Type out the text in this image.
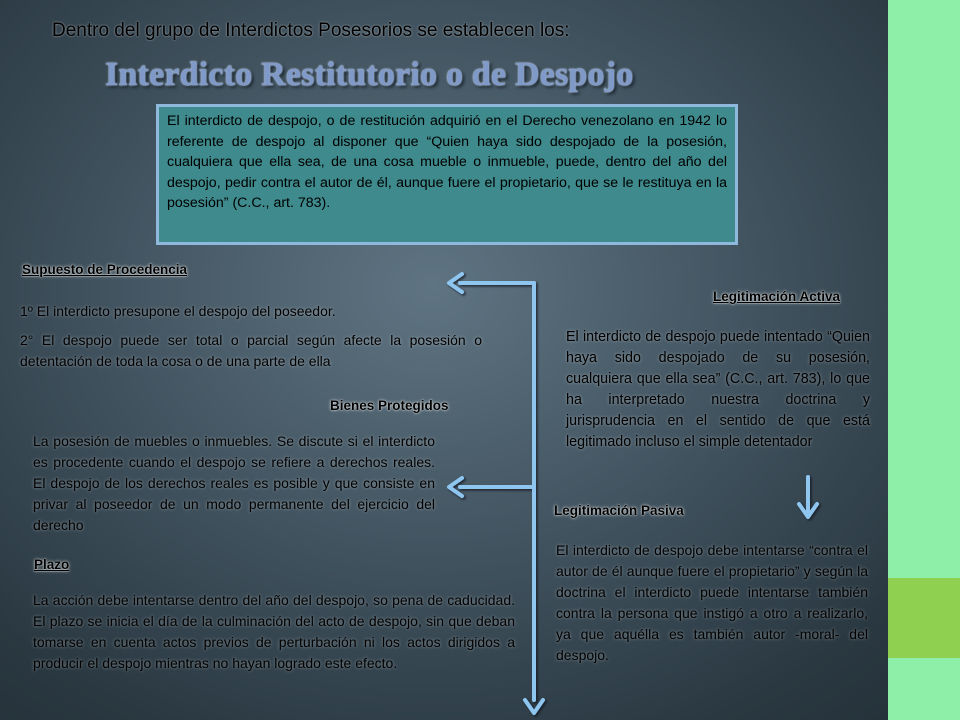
Dentro del grupo de Interdictos Posesorios se establecen los:
Interdicto Restitutorio o de Despojo
El interdicto de despojo, o de restitución adquirió en el Derecho venezolano en 1942 lo referente de despojo al disponer que “Quien haya sido despojado de la posesión, cualquiera que ella sea, de una cosa mueble o inmueble, puede, dentro del año del despojo, pedir contra el autor de él, aunque fuere el propietario, que se le restituya en la posesión” (C.C., art. 783).
Supuesto de Procedencia

1º El interdicto presupone el despojo del poseedor.

2° El despojo puede ser total o parcial según afecte la posesión o detentación de toda la cosa o de una parte de ella

Bienes Protegidos
La posesión de muebles o inmuebles. Se discute si el interdicto es procedente cuando el despojo se refiere a derechos reales. El despojo de los derechos reales es posible y que consiste en privar al poseedor de un modo permanente del ejercicio del derecho
Plazo
La acción debe intentarse dentro del año del despojo, so pena de caducidad. El plazo se inicia el día de la culminación del acto de despojo, sin que deban tomarse en cuenta actos previos de perturbación ni los actos dirigidos a producir el despojo mientras no hayan logrado este efecto.
Legitimación Activa
El interdicto de despojo puede intentado “Quien haya sido despojado de su posesión, cualquiera que ella sea” (C.C., art. 783), lo que ha interpretado nuestra doctrina y jurisprudencia en el sentido de que está legitimado incluso el simple detentador
Legitimación Pasiva
El interdicto de despojo debe intentarse “contra el autor de él aunque fuere el propietario” y según la doctrina el interdicto puede intentarse también contra la persona que instigó a otro a realizarlo, ya que aquélla es también autor -moral- del despojo.
